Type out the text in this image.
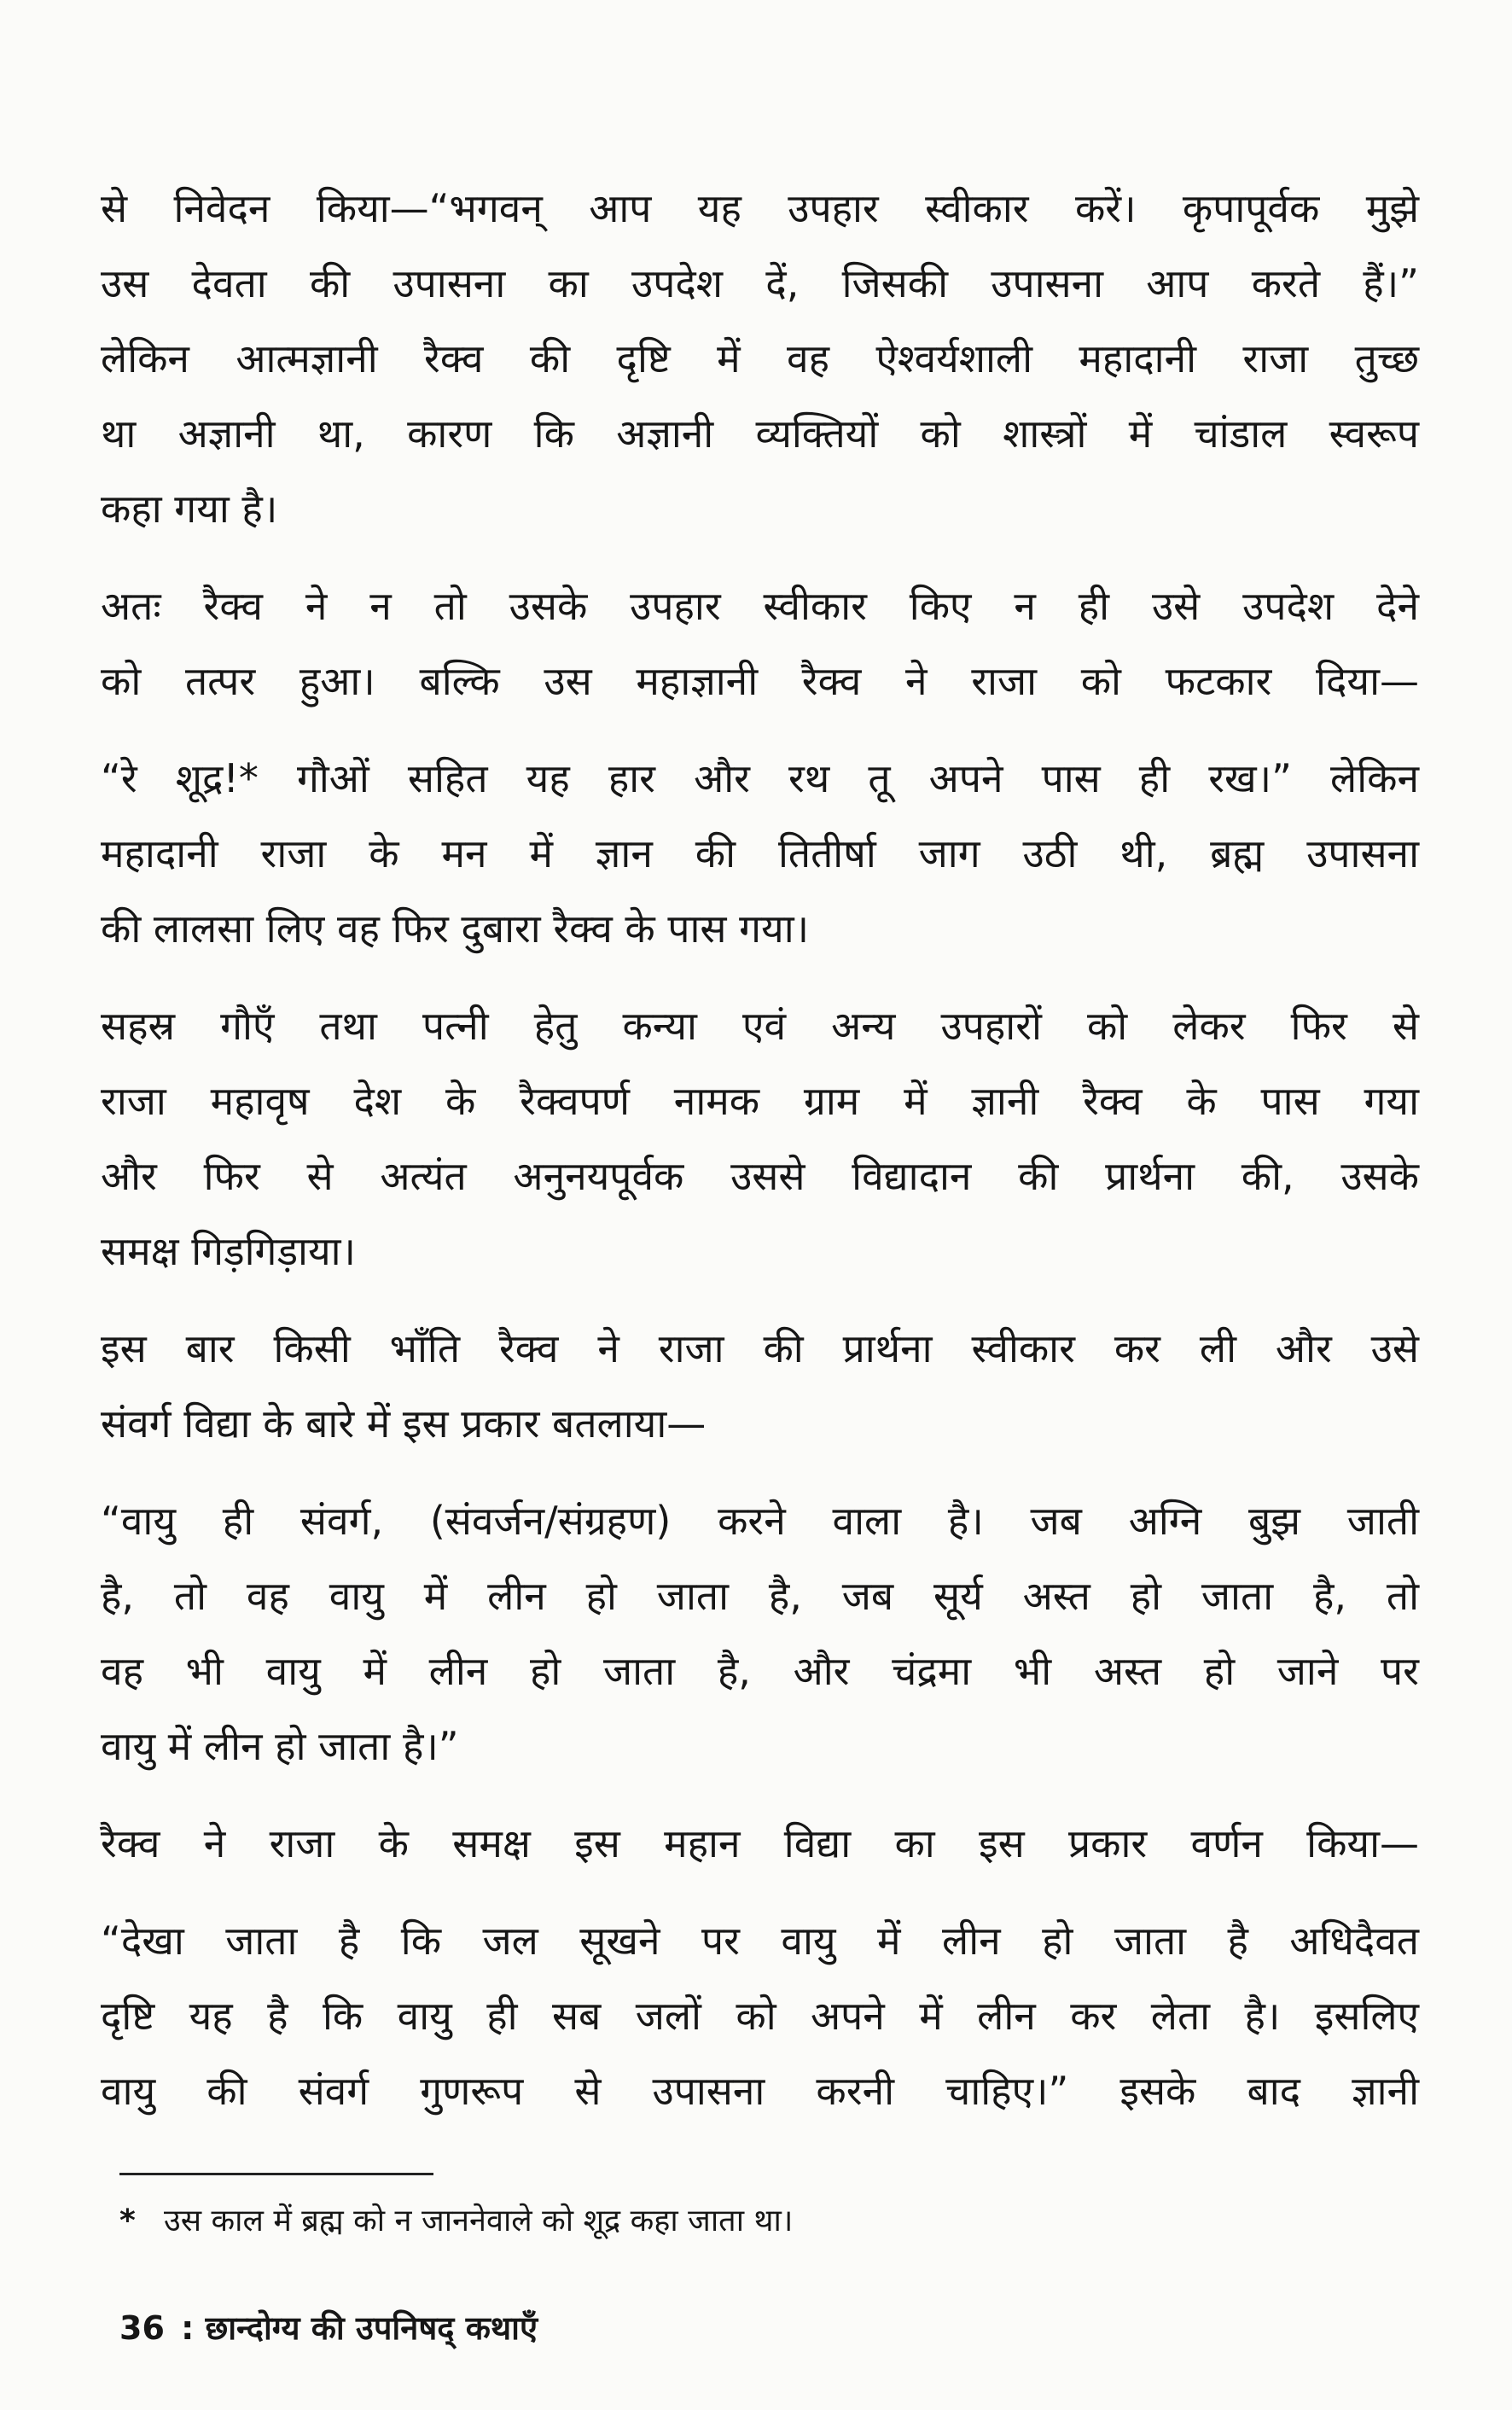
से निवेदन किया—“भगवन् आप यह उपहार स्वीकार करें। कृपापूर्वक मुझे
उस देवता की उपासना का उपदेश दें, जिसकी उपासना आप करते हैं।”
लेकिन आत्मज्ञानी रैक्व की दृष्टि में वह ऐश्वर्यशाली महादानी राजा तुच्छ
था अज्ञानी था, कारण कि अज्ञानी व्यक्तियों को शास्त्रों में चांडाल स्वरूप
कहा गया है।
अतः रैक्व ने न तो उसके उपहार स्वीकार किए न ही उसे उपदेश देने
को तत्पर हुआ। बल्कि उस महाज्ञानी रैक्व ने राजा को फटकार दिया—
“रे शूद्र!* गौओं सहित यह हार और रथ तू अपने पास ही रख।” लेकिन
महादानी राजा के मन में ज्ञान की तितीर्षा जाग उठी थी, ब्रह्म उपासना
की लालसा लिए वह फिर दुबारा रैक्व के पास गया।
सहस्र गौएँ तथा पत्नी हेतु कन्या एवं अन्य उपहारों को लेकर फिर से
राजा महावृष देश के रैक्वपर्ण नामक ग्राम में ज्ञानी रैक्व के पास गया
और फिर से अत्यंत अनुनयपूर्वक उससे विद्यादान की प्रार्थना की, उसके
समक्ष गिड़गिड़ाया।
इस बार किसी भाँति रैक्व ने राजा की प्रार्थना स्वीकार कर ली और उसे
संवर्ग विद्या के बारे में इस प्रकार बतलाया—
“वायु ही संवर्ग, (संवर्जन/संग्रहण) करने वाला है। जब अग्नि बुझ जाती
है, तो वह वायु में लीन हो जाता है, जब सूर्य अस्त हो जाता है, तो
वह भी वायु में लीन हो जाता है, और चंद्रमा भी अस्त हो जाने पर
वायु में लीन हो जाता है।”
रैक्व ने राजा के समक्ष इस महान विद्या का इस प्रकार वर्णन किया—
“देखा जाता है कि जल सूखने पर वायु में लीन हो जाता है अधिदैवत
दृष्टि यह है कि वायु ही सब जलों को अपने में लीन कर लेता है। इसलिए
वायु की संवर्ग गुणरूप से उपासना करनी चाहिए।” इसके बाद ज्ञानी
* उस काल में ब्रह्म को न जाननेवाले को शूद्र कहा जाता था।
36 : छान्दोग्य की उपनिषद् कथाएँ
